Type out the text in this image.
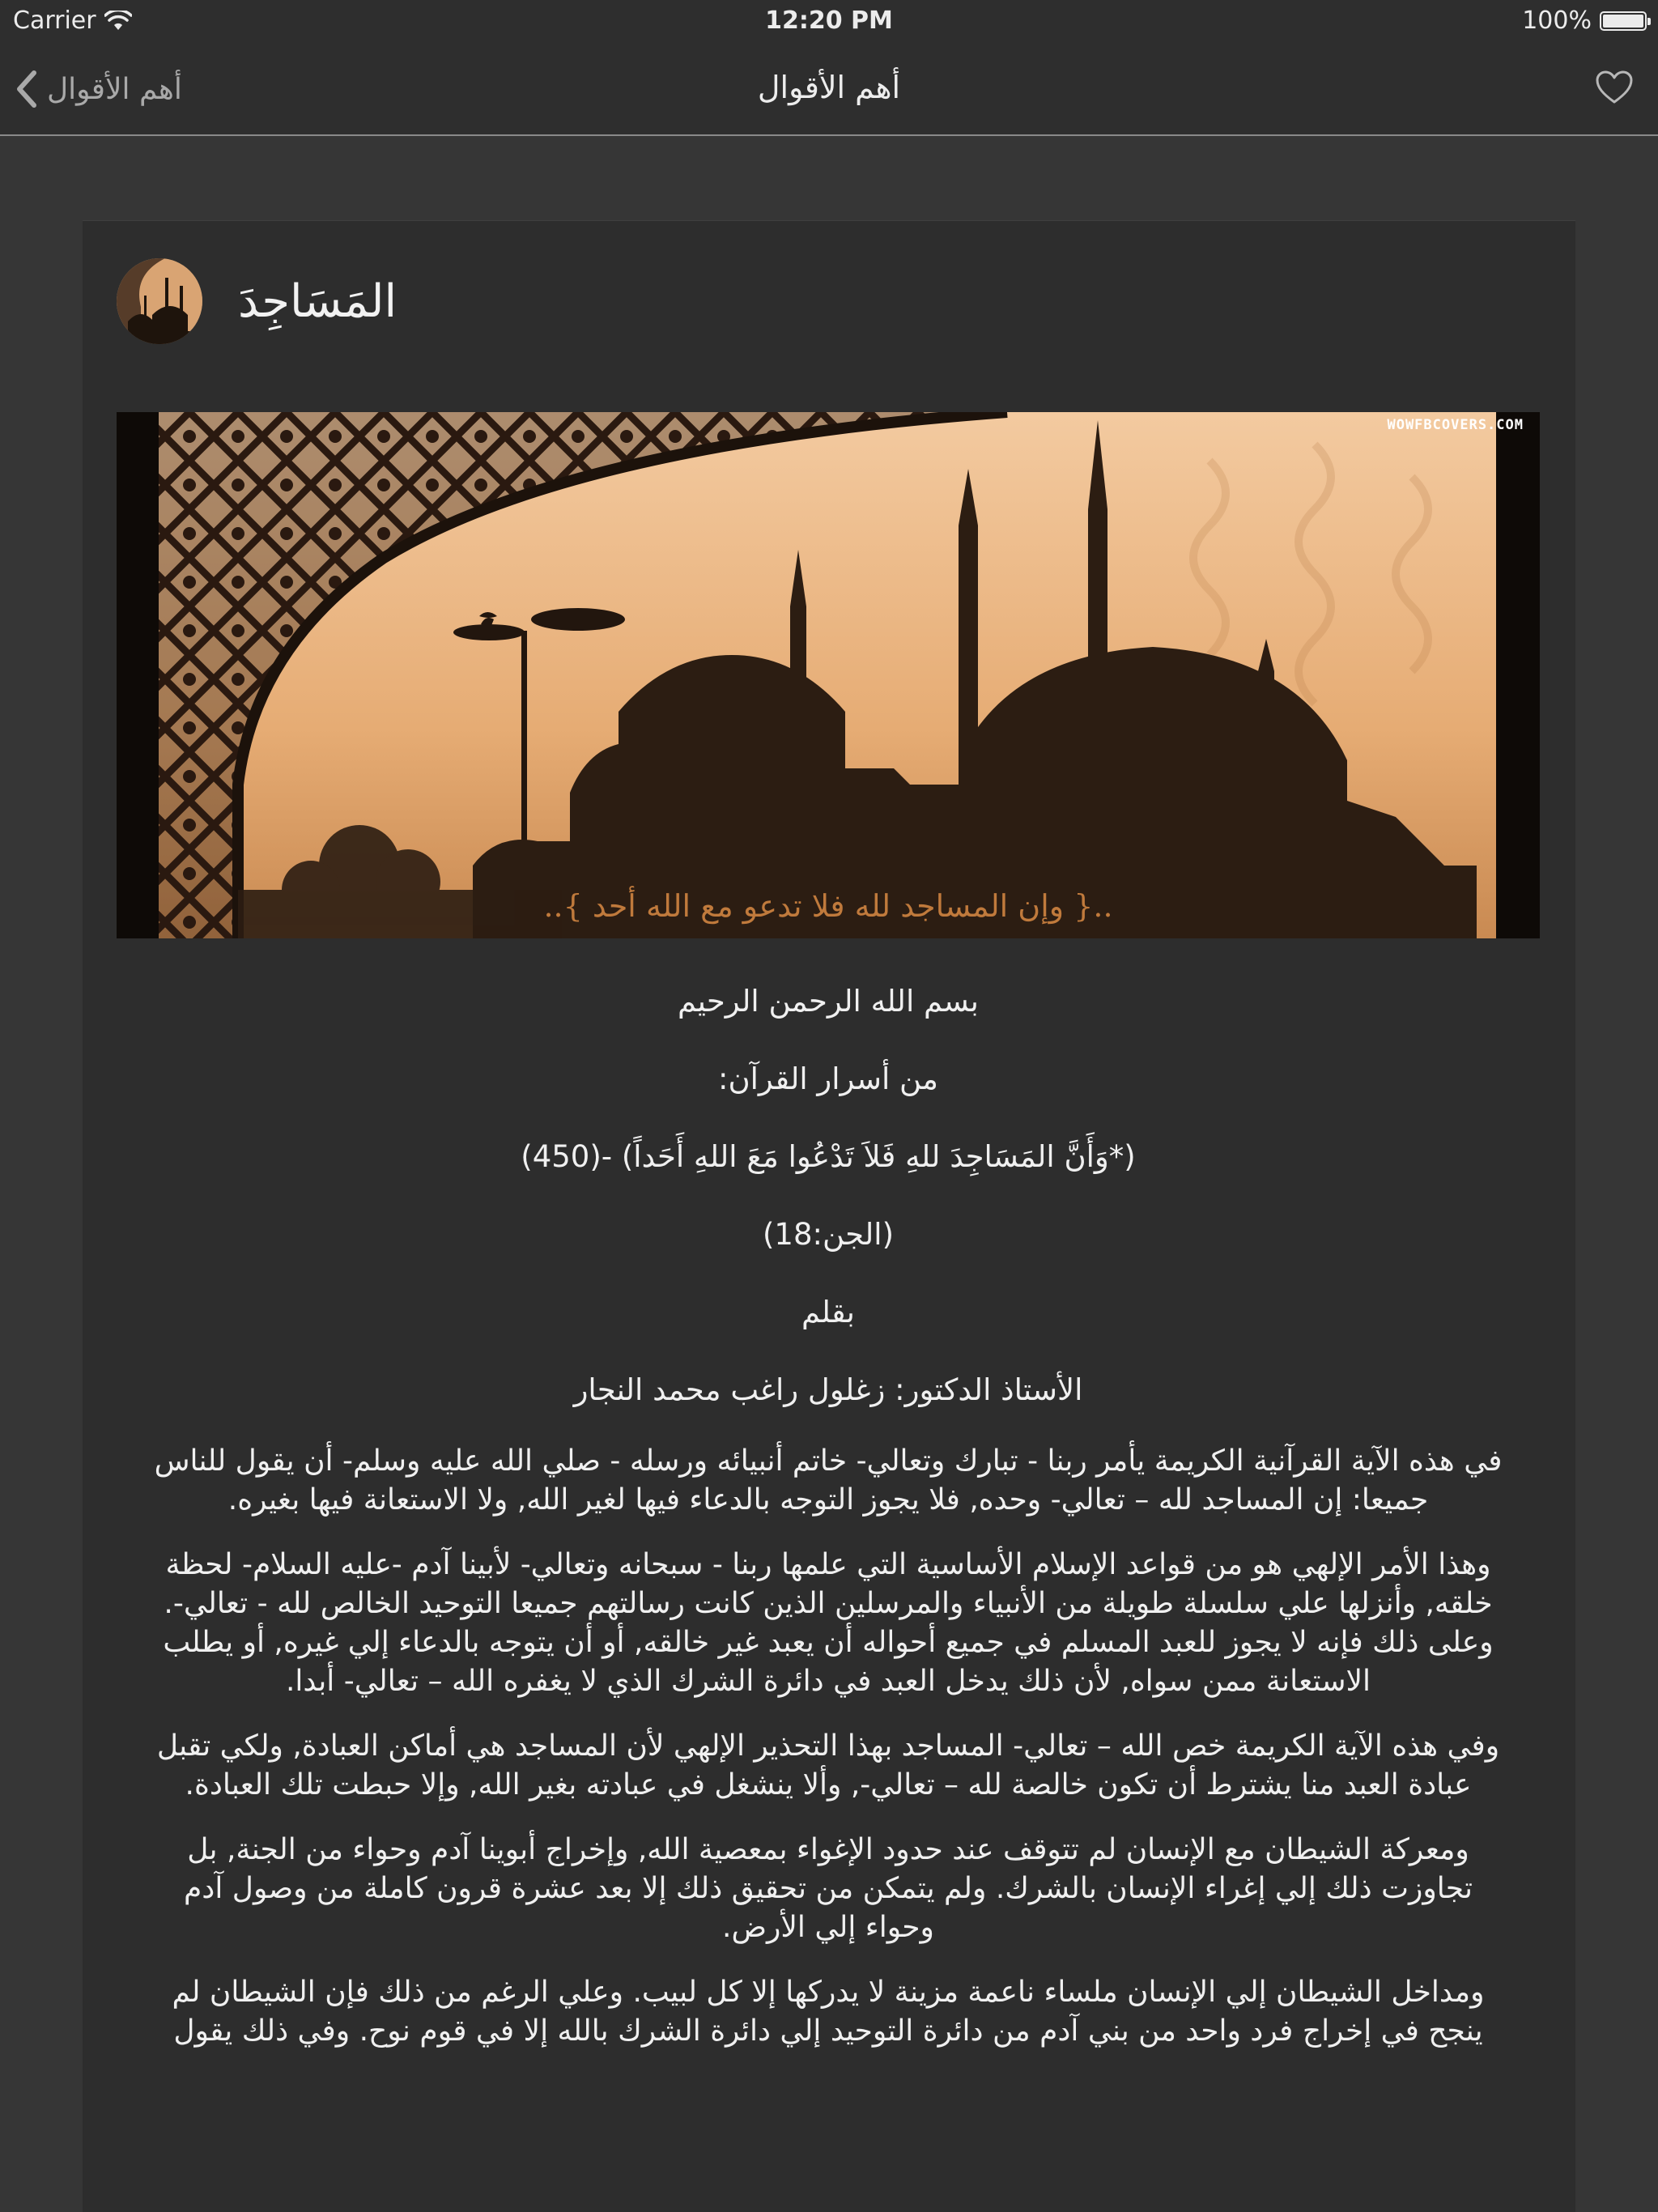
Carrier	12:20 PM	100%
أهم الأقوال	أهم الأقوال
المَسَاجِدَ
WOWFBCOVERS.COM
..{ وإن المساجد لله فلا تدعو مع الله أحد }..

بسم الله الرحمن الرحيم

من أسرار القرآن:

(*وَأَنَّ المَسَاجِدَ للهِ فَلاَ تَدْعُوا مَعَ اللهِ أَحَداً) -(450)

(الجن:18)

بقلم

الأستاذ الدكتور: زغلول راغب محمد النجار

في هذه الآية القرآنية الكريمة يأمر ربنا - تبارك وتعالي- خاتم أنبيائه ورسله - صلي الله عليه وسلم- أن يقول للناس جميعا: إن المساجد لله – تعالي- وحده, فلا يجوز التوجه بالدعاء فيها لغير الله, ولا الاستعانة فيها بغيره.

وهذا الأمر الإلهي هو من قواعد الإسلام الأساسية التي علمها ربنا - سبحانه وتعالي- لأبينا آدم -عليه السلام- لحظة خلقه, وأنزلها علي سلسلة طويلة من الأنبياء والمرسلين الذين كانت رسالتهم جميعا التوحيد الخالص لله - تعالي-. وعلى ذلك فإنه لا يجوز للعبد المسلم في جميع أحواله أن يعبد غير خالقه, أو أن يتوجه بالدعاء إلي غيره, أو يطلب الاستعانة ممن سواه, لأن ذلك يدخل العبد في دائرة الشرك الذي لا يغفره الله – تعالي- أبدا.

وفي هذه الآية الكريمة خص الله – تعالي- المساجد بهذا التحذير الإلهي لأن المساجد هي أماكن العبادة, ولكي تقبل عبادة العبد منا يشترط أن تكون خالصة لله – تعالي-, وألا ينشغل في عبادته بغير الله, وإلا حبطت تلك العبادة.

ومعركة الشيطان مع الإنسان لم تتوقف عند حدود الإغواء بمعصية الله, وإخراج أبوينا آدم وحواء من الجنة, بل تجاوزت ذلك إلي إغراء الإنسان بالشرك. ولم يتمكن من تحقيق ذلك إلا بعد عشرة قرون كاملة من وصول آدم وحواء إلي الأرض.

ومداخل الشيطان إلي الإنسان ملساء ناعمة مزينة لا يدركها إلا كل لبيب. وعلي الرغم من ذلك فإن الشيطان لم ينجح في إخراج فرد واحد من بني آدم من دائرة التوحيد إلي دائرة الشرك بالله إلا في قوم نوح. وفي ذلك يقول
